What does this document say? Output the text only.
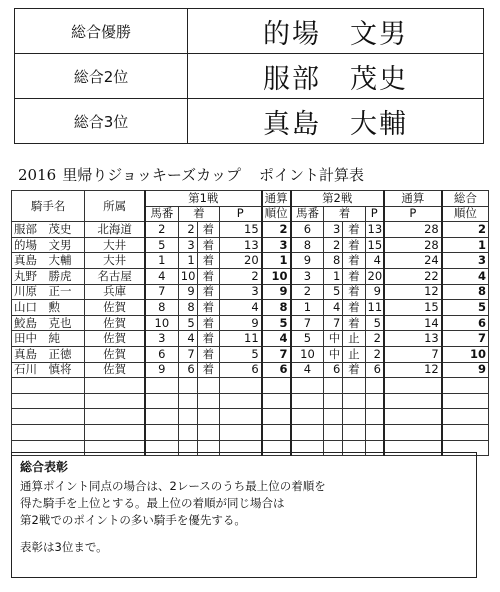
総合優勝	的場　文男
総合2位	服部　茂史
総合3位	真島　大輔
2016 里帰りジョッキーズカップ ポイント計算表
騎手名	所属	第1戦				通算	第2戦				通算	総合
		馬番	着		P	順位	馬番	着		P	P	順位
服部　茂史	北海道	2	2	着	15	2	6	3	着	13	28	2
的場　文男	大井	5	3	着	13	3	8	2	着	15	28	1
真島　大輔	大井	1	1	着	20	1	9	8	着	4	24	3
丸野　勝虎	名古屋	4	10	着	2	10	3	1	着	20	22	4
川原　正一	兵庫	7	9	着	3	9	2	5	着	9	12	8
山口　勲	佐賀	8	8	着	4	8	1	4	着	11	15	5
鮫島　克也	佐賀	10	5	着	9	5	7	7	着	5	14	6
田中　純	佐賀	3	4	着	11	4	5	中	止	2	13	7
真島　正徳	佐賀	6	7	着	5	7	10	中	止	2	7	10
石川　慎将	佐賀	9	6	着	6	6	4	6	着	6	12	9

総合表彰
通算ポイント同点の場合は、2レースのうち最上位の着順を
得た騎手を上位とする。最上位の着順が同じ場合は
第2戦でのポイントの多い騎手を優先する。
表彰は3位まで。
